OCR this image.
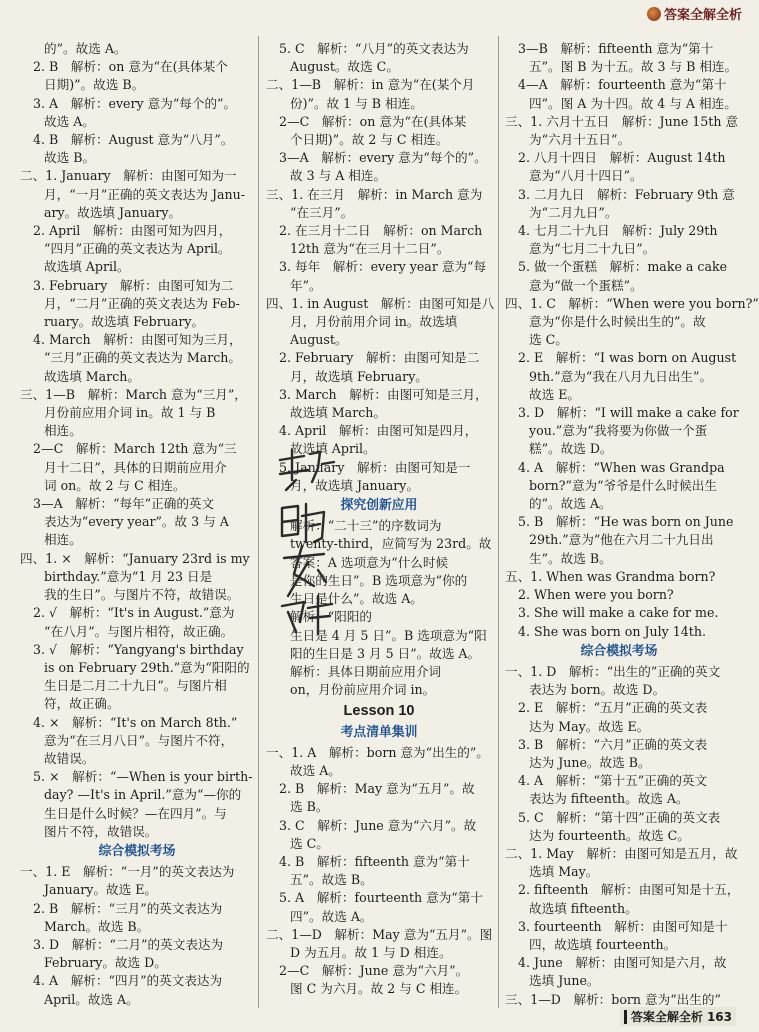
答案全解全析
的”。故选 A。
2. B　解析：on 意为“在(具体某个
日期)”。故选 B。
3. A　解析：every 意为“每个的”。
故选 A。
4. B　解析：August 意为“八月”。
故选 B。
二、1. January　解析：由图可知为一
月，“一月”正确的英文表达为 Janu-
ary。故选填 January。
2. April　解析：由图可知为四月，
“四月”正确的英文表达为 April。
故选填 April。
3. February　解析：由图可知为二
月，“二月”正确的英文表达为 Feb-
ruary。故选填 February。
4. March　解析：由图可知为三月，
“三月”正确的英文表达为 March。
故选填 March。
三、1—B　解析：March 意为“三月”，
月份前应用介词 in。故 1 与 B
相连。
2—C　解析：March 12th 意为“三
月十二日”，具体的日期前应用介
词 on。故 2 与 C 相连。
3—A　解析：“每年”正确的英文
表达为“every year”。故 3 与 A
相连。
四、1. ×　解析：“January 23rd is my
birthday.”意为“1 月 23 日是
我的生日”。与图片不符，故错误。
2. √　解析：“It's in August.”意为
“在八月”。与图片相符，故正确。
3. √　解析：“Yangyang's birthday
is on February 29th.”意为“阳阳的
生日是二月二十九日”。与图片相
符，故正确。
4. ×　解析：“It's on March 8th.”
意为“在三月八日”。与图片不符，
故错误。
5. ×　解析：“—When is your birth-
day? —It's in April.”意为“—你的
生日是什么时候？—在四月”。与
图片不符，故错误。
综合模拟考场
一、1. E　解析：“一月”的英文表达为
January。故选 E。
2. B　解析：“三月”的英文表达为
March。故选 B。
3. D　解析：“二月”的英文表达为
February。故选 D。
4. A　解析：“四月”的英文表达为
April。故选 A。
5. C　解析：“八月”的英文表达为
August。故选 C。
二、1—B　解析：in 意为“在(某个月
份)”。故 1 与 B 相连。
2—C　解析：on 意为“在(具体某
个日期)”。故 2 与 C 相连。
3—A　解析：every 意为“每个的”。
故 3 与 A 相连。
三、1. 在三月　解析：in March 意为
“在三月”。
2. 在三月十二日　解析：on March
12th 意为“在三月十二日”。
3. 每年　解析：every year 意为“每
年”。
四、1. in August　解析：由图可知是八
月，月份前用介词 in。故选填
August。
2. February　解析：由图可知是二
月，故选填 February。
3. March　解析：由图可知是三月，
故选填 March。
4. April　解析：由图可知是四月，
故选填 April。
5. January　解析：由图可知是一
月，故选填 January。
探究创新应用
解析：“二十三”的序数词为
twenty-third，应简写为 23rd。故
答案：A 选项意为“什么时候
是你的生日”。B 选项意为“你的
生日是什么”。故选 A。
解析：“阳阳的
生日是 4 月 5 日”。B 选项意为“阳
阳的生日是 3 月 5 日”。故选 A。
解析：具体日期前应用介词
on，月份前应用介词 in。
Lesson 10
考点清单集训
一、1. A　解析：born 意为“出生的”。
故选 A。
2. B　解析：May 意为“五月”。故
选 B。
3. C　解析：June 意为“六月”。故
选 C。
4. B　解析：fifteenth 意为“第十
五”。故选 B。
5. A　解析：fourteenth 意为“第十
四”。故选 A。
二、1—D　解析：May 意为“五月”。图
D 为五月。故 1 与 D 相连。
2—C　解析：June 意为“六月”。
图 C 为六月。故 2 与 C 相连。
3—B　解析：fifteenth 意为“第十
五”。图 B 为十五。故 3 与 B 相连。
4—A　解析：fourteenth 意为“第十
四”。图 A 为十四。故 4 与 A 相连。
三、1. 六月十五日　解析：June 15th 意
为“六月十五日”。
2. 八月十四日　解析：August 14th
意为“八月十四日”。
3. 二月九日　解析：February 9th 意
为“二月九日”。
4. 七月二十九日　解析：July 29th
意为“七月二十九日”。
5. 做一个蛋糕　解析：make a cake
意为“做一个蛋糕”。
四、1. C　解析：“When were you born?”
意为“你是什么时候出生的”。故
选 C。
2. E　解析：“I was born on August
9th.”意为“我在八月九日出生”。
故选 E。
3. D　解析：“I will make a cake for
you.”意为“我将要为你做一个蛋
糕”。故选 D。
4. A　解析：“When was Grandpa
born?”意为“爷爷是什么时候出生
的”。故选 A。
5. B　解析：“He was born on June
29th.”意为“他在六月二十九日出
生”。故选 B。
五、1. When was Grandma born?
2. When were you born?
3. She will make a cake for me.
4. She was born on July 14th.
综合模拟考场
一、1. D　解析：“出生的”正确的英文
表达为 born。故选 D。
2. E　解析：“五月”正确的英文表
达为 May。故选 E。
3. B　解析：“六月”正确的英文表
达为 June。故选 B。
4. A　解析：“第十五”正确的英文
表达为 fifteenth。故选 A。
5. C　解析：“第十四”正确的英文表
达为 fourteenth。故选 C。
二、1. May　解析：由图可知是五月，故
选填 May。
2. fifteenth　解析：由图可知是十五，
故选填 fifteenth。
3. fourteenth　解析：由图可知是十
四，故选填 fourteenth。
4. June　解析：由图可知是六月，故
选填 June。
三、1—D　解析：born 意为“出生的”
答案全解全析 163
